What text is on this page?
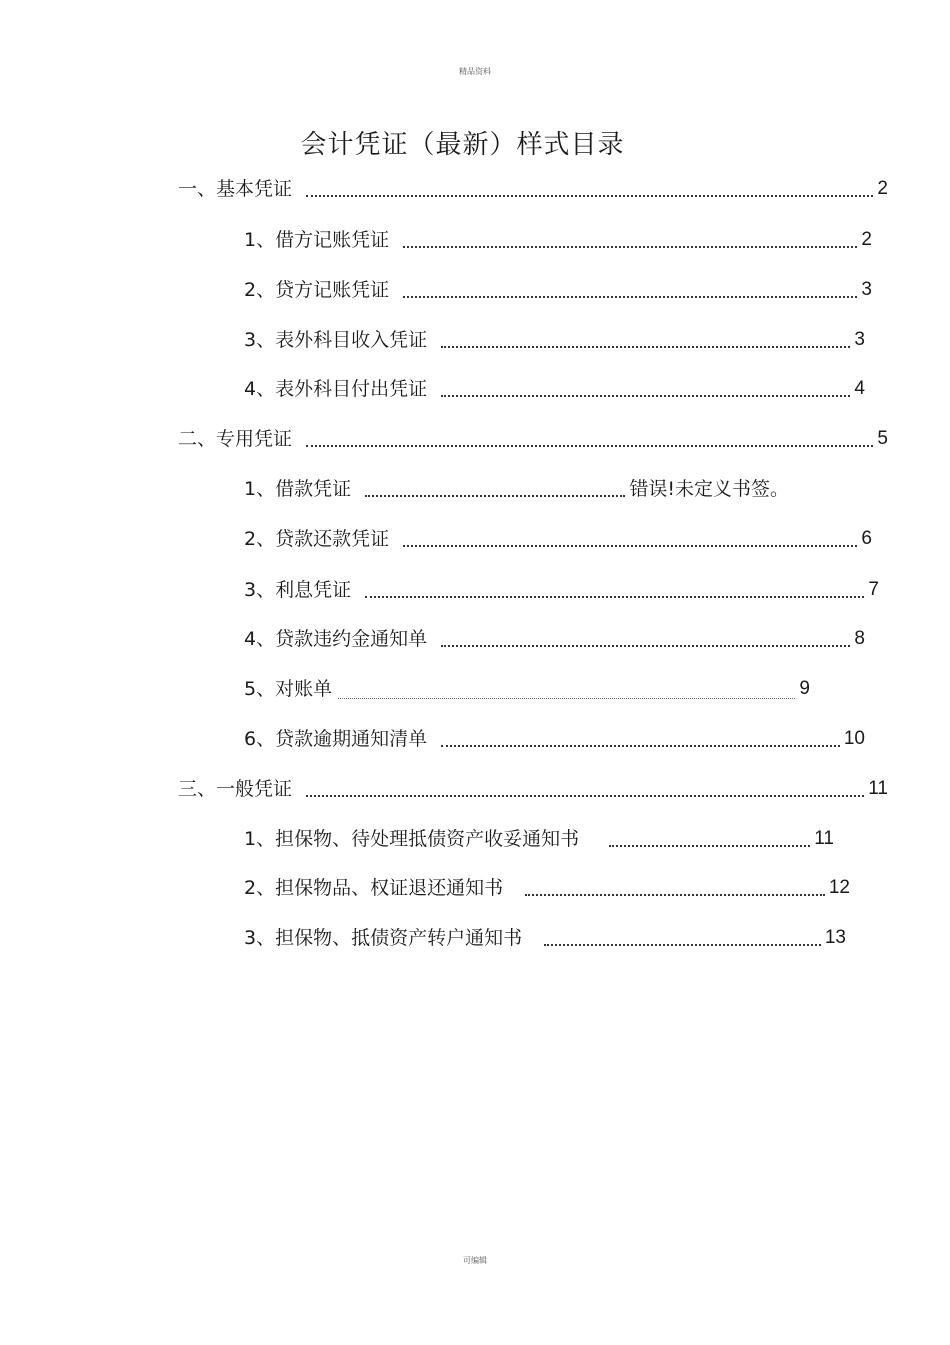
精品资料
会计凭证（最新）样式目录
一、基本凭证	2
1、借方记账凭证	2
2、贷方记账凭证	3
3、表外科目收入凭证	3
4、表外科目付出凭证	4
二、专用凭证	5
1、借款凭证	错误!未定义书签。
2、贷款还款凭证	6
3、利息凭证	7
4、贷款违约金通知单	8
5、对账单	9
6、贷款逾期通知清单	10
三、一般凭证	11
1、担保物、待处理抵债资产收妥通知书	11
2、担保物品、权证退还通知书	12
3、担保物、抵债资产转户通知书	13
可编辑
